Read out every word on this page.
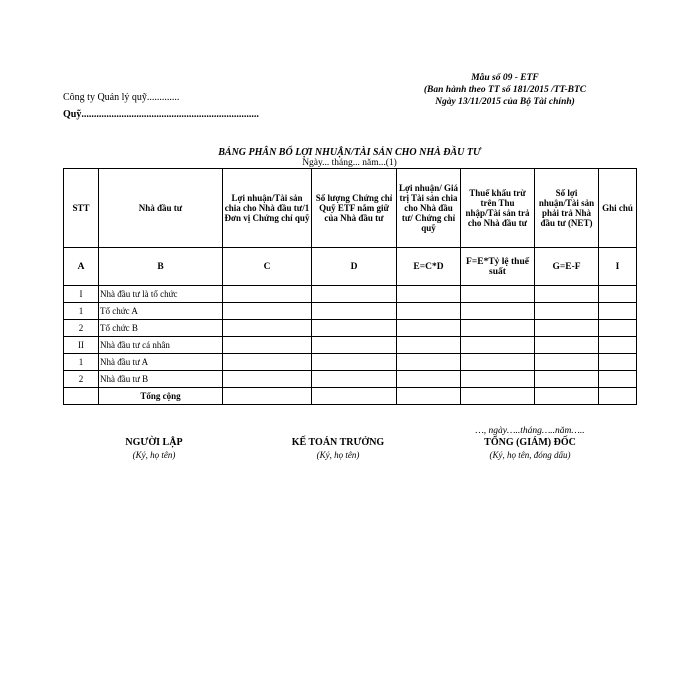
Công ty Quản lý quỹ.............
Quỹ.......................................................................
Mẫu số 09 - ETF
(Ban hành theo TT số 181/2015 /TT-BTC
Ngày 13/11/2015 của Bộ Tài chính)
BẢNG PHÂN BỔ LỢI NHUẬN/TÀI SẢN CHO NHÀ ĐẦU TƯ
Ngày... tháng... năm...(1)
STT	Nhà đầu tư	Lợi nhuận/Tài sản chia cho Nhà đầu tư/1 Đơn vị Chứng chỉ quỹ	Số lượng Chứng chỉ Quỹ ETF nắm giữ của Nhà đầu tư	Lợi nhuận/ Giá trị Tài sản chia cho Nhà đầu tư/ Chứng chỉ quỹ	Thuế khấu trừ trên Thu nhập/Tài sản trả cho Nhà đầu tư	Số lợi nhuận/Tài sản phải trả Nhà đầu tư (NET)	Ghi chú
A	B	C	D	E=C*D	F=E*Tỷ lệ thuế suất	G=E-F	I
I	Nhà đầu tư là tổ chức						
1	Tổ chức A						
2	Tổ chức B						
II	Nhà đầu tư cá nhân						
1	Nhà đầu tư A						
2	Nhà đầu tư B						
	Tổng cộng						
…, ngày…..tháng…..năm…..
NGƯỜI LẬP
(Ký, họ tên)
KẾ TOÁN TRƯỞNG
(Ký, họ tên)
TỔNG (GIÁM) ĐỐC
(Ký, họ tên, đóng dấu)
